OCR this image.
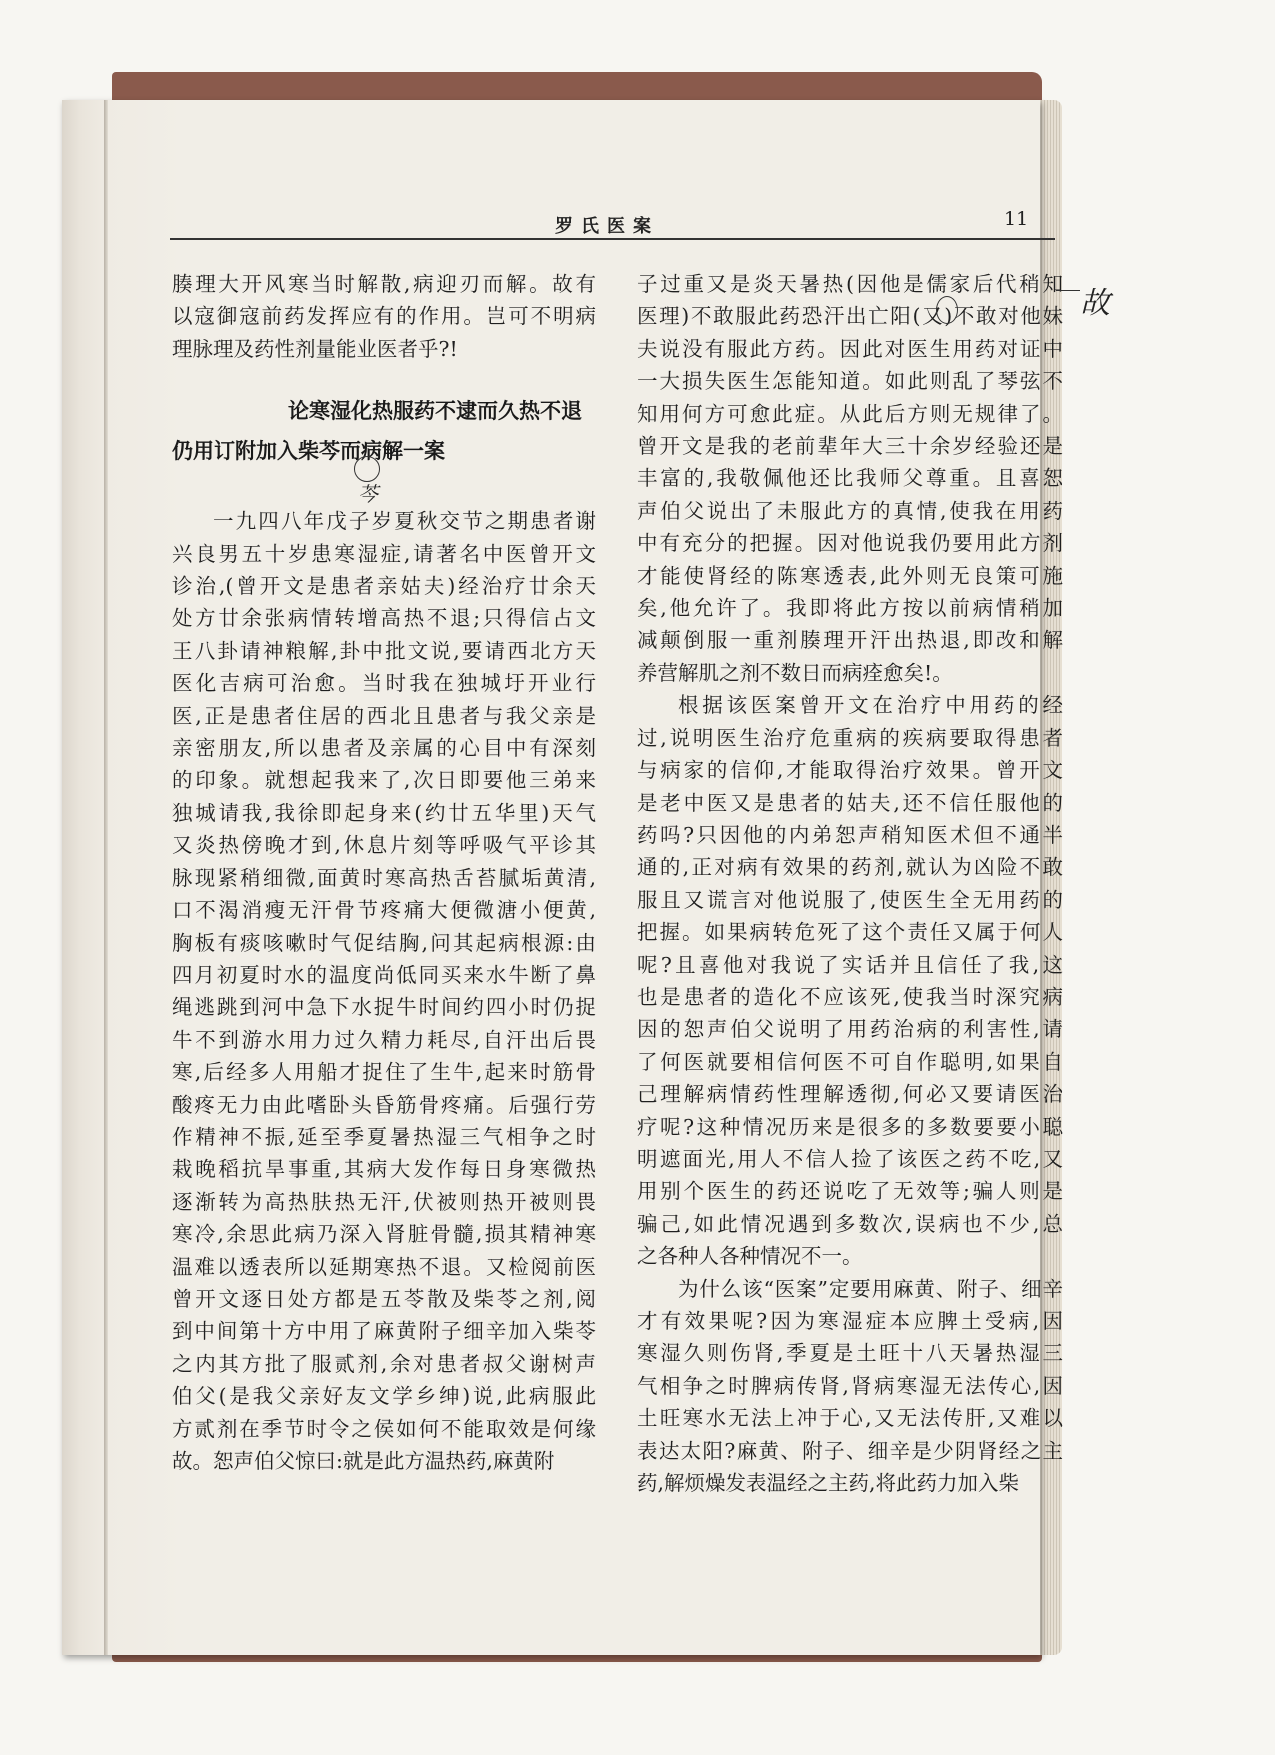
罗氏医案	11

腠理大开风寒当时解散,病迎刃而解。故有

以寇御寇前药发挥应有的作用。岂可不明病

理脉理及药性剂量能业医者乎?!

论寒湿化热服药不逮而久热不退
仍用订附加入柴芩而病解一案

一九四八年戊子岁夏秋交节之期患者谢

兴良男五十岁患寒湿症,请著名中医曾开文

诊治,(曾开文是患者亲姑夫)经治疗廿余天

处方廿余张病情转增高热不退;只得信占文

王八卦请神粮解,卦中批文说,要请西北方天

医化吉病可治愈。当时我在独城圩开业行

医,正是患者住居的西北且患者与我父亲是

亲密朋友,所以患者及亲属的心目中有深刻

的印象。就想起我来了,次日即要他三弟来

独城请我,我徐即起身来(约廿五华里)天气

又炎热傍晚才到,休息片刻等呼吸气平诊其

脉现紧稍细微,面黄时寒高热舌苔腻垢黄清,

口不渴消瘦无汗骨节疼痛大便微溏小便黄,

胸板有痰咳嗽时气促结胸,问其起病根源:由

四月初夏时水的温度尚低同买来水牛断了鼻

绳逃跳到河中急下水捉牛时间约四小时仍捉

牛不到游水用力过久精力耗尽,自汗出后畏

寒,后经多人用船才捉住了生牛,起来时筋骨

酸疼无力由此嗜卧头昏筋骨疼痛。后强行劳

作精神不振,延至季夏暑热湿三气相争之时

栽晚稻抗旱事重,其病大发作每日身寒微热

逐渐转为高热肤热无汗,伏被则热开被则畏

寒冷,余思此病乃深入肾脏骨髓,损其精神寒

温难以透表所以延期寒热不退。又检阅前医

曾开文逐日处方都是五苓散及柴苓之剂,阅

到中间第十方中用了麻黄附子细辛加入柴苓

之内其方批了服贰剂,余对患者叔父谢树声

伯父(是我父亲好友文学乡绅)说,此病服此

方贰剂在季节时令之侯如何不能取效是何缘

故。恕声伯父惊曰:就是此方温热药,麻黄附

子过重又是炎天暑热(因他是儒家后代稍知

医理)不敢服此药恐汗出亡阳(又)不敢对他妹

夫说没有服此方药。因此对医生用药对证中

一大损失医生怎能知道。如此则乱了琴弦不

知用何方可愈此症。从此后方则无规律了。

曾开文是我的老前辈年大三十余岁经验还是

丰富的,我敬佩他还比我师父尊重。且喜恕

声伯父说出了未服此方的真情,使我在用药

中有充分的把握。因对他说我仍要用此方剂

才能使肾经的陈寒透表,此外则无良策可施

矣,他允许了。我即将此方按以前病情稍加

减颠倒服一重剂腠理开汗出热退,即改和解

养营解肌之剂不数日而病痊愈矣!。

根据该医案曾开文在治疗中用药的经

过,说明医生治疗危重病的疾病要取得患者

与病家的信仰,才能取得治疗效果。曾开文

是老中医又是患者的姑夫,还不信任服他的

药吗?只因他的内弟恕声稍知医术但不通半

通的,正对病有效果的药剂,就认为凶险不敢

服且又谎言对他说服了,使医生全无用药的

把握。如果病转危死了这个责任又属于何人

呢?且喜他对我说了实话并且信任了我,这

也是患者的造化不应该死,使我当时深究病

因的恕声伯父说明了用药治病的利害性,请

了何医就要相信何医不可自作聪明,如果自

己理解病情药性理解透彻,何必又要请医治

疗呢?这种情况历来是很多的多数要要小聪

明遮面光,用人不信人捡了该医之药不吃,又

用别个医生的药还说吃了无效等;骗人则是

骗己,如此情况遇到多数次,误病也不少,总

之各种人各种情况不一。

为什么该“医案”定要用麻黄、附子、细辛

才有效果呢?因为寒湿症本应脾土受病,因

寒湿久则伤肾,季夏是土旺十八天暑热湿三

气相争之时脾病传肾,肾病寒湿无法传心,因

土旺寒水无法上冲于心,又无法传肝,又难以

表达太阳?麻黄、附子、细辛是少阴肾经之主

药,解烦燥发表温经之主药,将此药力加入柴

故
芩
